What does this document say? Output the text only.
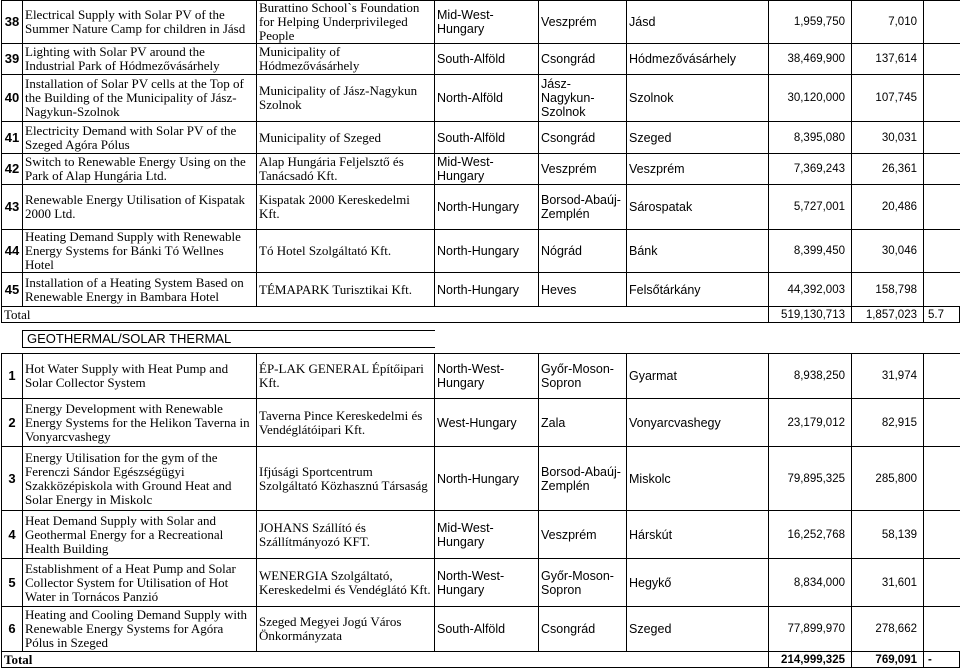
38	Electrical Supply with Solar PV of the Summer Nature Camp for children in Jásd	Burattino School`s Foundation for Helping Underprivileged People	Mid-West-Hungary	Veszprém	Jásd	1,959,750	7,010	
39	Lighting with Solar PV around the Industrial Park of Hódmezővásárhely	Municipality of Hódmezővásárhely	South-Alföld	Csongrád	Hódmezővásárhely	38,469,900	137,614	
40	Installation of Solar PV cells at the Top of the Building of the Municipality of Jász-Nagykun-Szolnok	Municipality of Jász-Nagykun Szolnok	North-Alföld	Jász-Nagykun-Szolnok	Szolnok	30,120,000	107,745	
41	Electricity Demand with Solar PV of the Szeged Agóra Pólus	Municipality of Szeged	South-Alföld	Csongrád	Szeged	8,395,080	30,031	
42	Switch to Renewable Energy Using on the Park of Alap Hungária Ltd.	Alap Hungária Feljelsztő és Tanácsadó Kft.	Mid-West-Hungary	Veszprém	Veszprém	7,369,243	26,361	
43	Renewable Energy Utilisation of Kispatak 2000 Ltd.	Kispatak 2000 Kereskedelmi Kft.	North-Hungary	Borsod-Abaúj-Zemplén	Sárospatak	5,727,001	20,486	
44	Heating Demand Supply with Renewable Energy Systems for Bánki Tó Wellnes Hotel	Tó Hotel Szolgáltató Kft.	North-Hungary	Nógrád	Bánk	8,399,450	30,046	
45	Installation of a Heating System Based on Renewable Energy in Bambara Hotel	TÉMAPARK Turisztikai Kft.	North-Hungary	Heves	Felsőtárkány	44,392,003	158,798	
Total						519,130,713	1,857,023	5.7

	GEOTHERMAL/SOLAR THERMAL							

1	Hot Water Supply with Heat Pump and Solar Collector System	ÉP-LAK GENERAL Építőipari Kft.	North-West-Hungary	Győr-Moson-Sopron	Gyarmat	8,938,250	31,974	
2	Energy Development with Renewable Energy Systems for the Helikon Taverna in Vonyarcvashegy	Taverna Pince Kereskedelmi és Vendéglátóipari Kft.	West-Hungary	Zala	Vonyarcvashegy	23,179,012	82,915	
3	Energy Utilisation for the gym of the Ferenczi Sándor Egészségügyi Szakközépiskola with Ground Heat and Solar Energy in Miskolc	Ifjúsági Sportcentrum Szolgáltató Közhasznú Társaság	North-Hungary	Borsod-Abaúj-Zemplén	Miskolc	79,895,325	285,800	
4	Heat Demand Supply with Solar and Geothermal Energy for a Recreational Health Building	JOHANS Szállító és Szállítmányozó KFT.	Mid-West-Hungary	Veszprém	Hárskút	16,252,768	58,139	
5	Establishment of a Heat Pump and Solar Collector System for Utilisation of Hot Water in Tornácos Panzió	WENERGIA Szolgáltató, Kereskedelmi és Vendéglátó Kft.	North-West-Hungary	Győr-Moson-Sopron	Hegykő	8,834,000	31,601	
6	Heating and Cooling Demand Supply with Renewable Energy Systems for Agóra Pólus in Szeged	Szeged Megyei Jogú Város Önkormányzata	South-Alföld	Csongrád	Szeged	77,899,970	278,662	
Total						214,999,325	769,091	-
